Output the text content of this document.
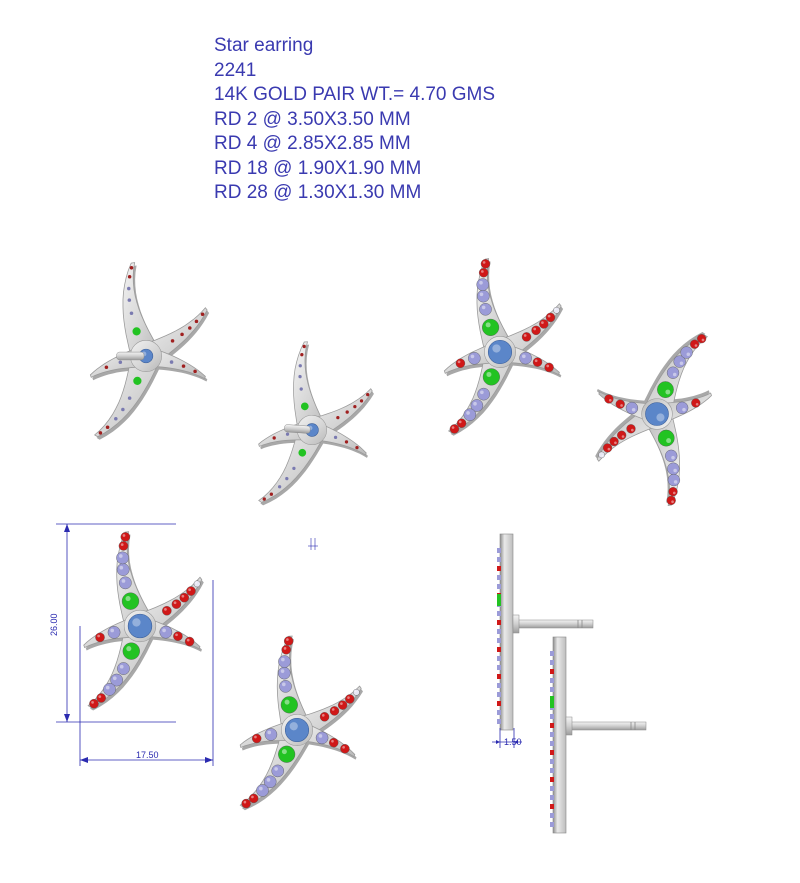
Star earring
2241
14K GOLD PAIR WT.= 4.70 GMS
RD 2 @ 3.50X3.50 MM
RD 4 @ 2.85X2.85 MM
RD 18 @ 1.90X1.90 MM
RD 28 @ 1.30X1.30 MM
26.00
17.50
1.50
